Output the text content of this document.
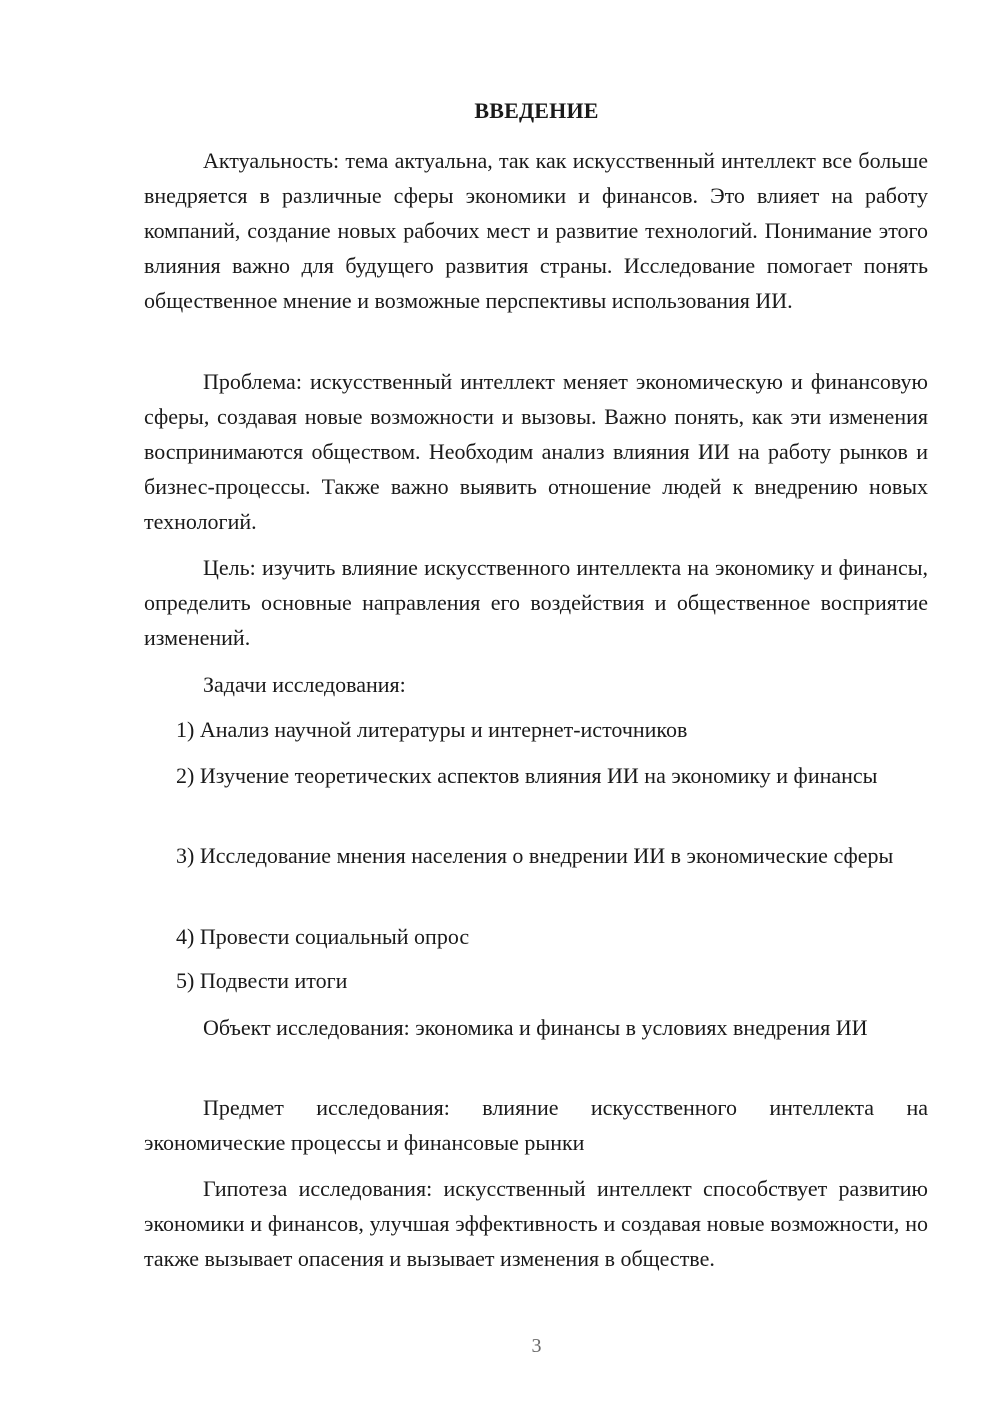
ВВЕДЕНИЕ

Актуальность: тема актуальна, так как искусственный интеллект все больше внедряется в различные сферы экономики и финансов. Это влияет на работу компаний, создание новых рабочих мест и развитие технологий. Понимание этого влияния важно для будущего развития страны. Исследование помогает понять общественное мнение и возможные перспективы использования ИИ.

Проблема: искусственный интеллект меняет экономическую и финансовую сферы, создавая новые возможности и вызовы. Важно понять, как эти изменения воспринимаются обществом. Необходим анализ влияния ИИ на работу рынков и бизнес-процессы. Также важно выявить отношение людей к внедрению новых технологий.

Цель: изучить влияние искусственного интеллекта на экономику и финансы, определить основные направления его воздействия и общественное восприятие изменений.

Задачи исследования:

1) Анализ научной литературы и интернет-источников

2) Изучение теоретических аспектов влияния ИИ на экономику и финансы

3) Исследование мнения населения о внедрении ИИ в экономические сферы

4) Провести социальный опрос

5) Подвести итоги

Объект исследования: экономика и финансы в условиях внедрения ИИ

Предмет исследования: влияние искусственного интеллекта на экономические процессы и финансовые рынки

Гипотеза исследования: искусственный интеллект способствует развитию экономики и финансов, улучшая эффективность и создавая новые возможности, но также вызывает опасения и вызывает изменения в обществе.

3
